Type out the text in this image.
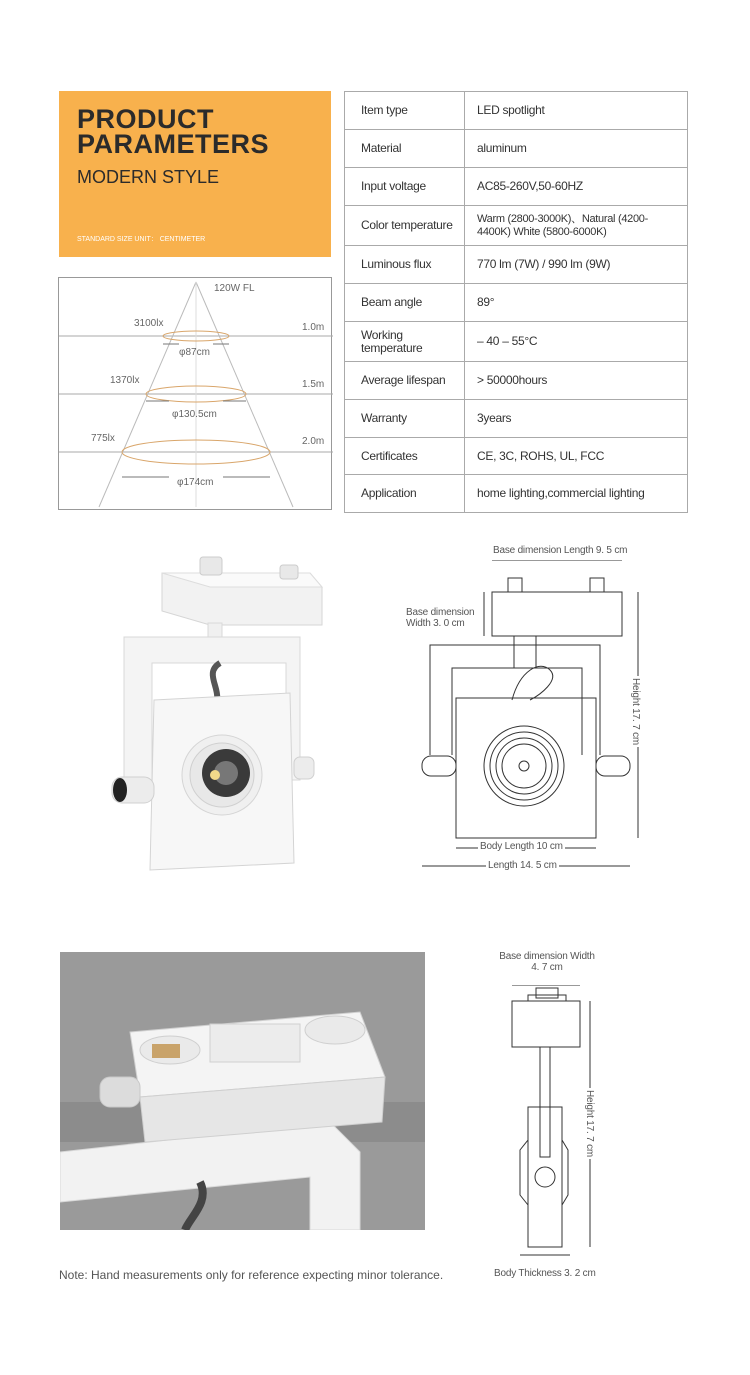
PRODUCT
PARAMETERS
MODERN STYLE
STANDARD SIZE UNIT： CENTIMETER
120W FL
3100lx
φ87cm
1.0m
1370lx
φ130.5cm
1.5m
775lx
φ174cm
2.0m
Item type	LED spotlight
Material	aluminum
Input voltage	AC85-260V,50-60HZ
Color temperature	Warm (2800-3000K)、Natural (4200-4400K) White (5800-6000K)
Luminous flux	770 lm (7W) / 990 lm (9W)
Beam angle	89°
Working temperature	– 40 – 55°C
Average lifespan	> 50000hours
Warranty	3years
Certificates	CE, 3C, ROHS, UL, FCC
Application	home lighting,commercial lighting
Base dimension Length 9. 5 cm
Base dimension
Width 3. 0 cm
Height 17. 7 cm
Body Length 10 cm
Length 14. 5 cm
Base dimension Width
4. 7 cm
Height 17. 7 cm
Body Thickness 3. 2 cm
Note: Hand measurements only for reference expecting minor tolerance.
